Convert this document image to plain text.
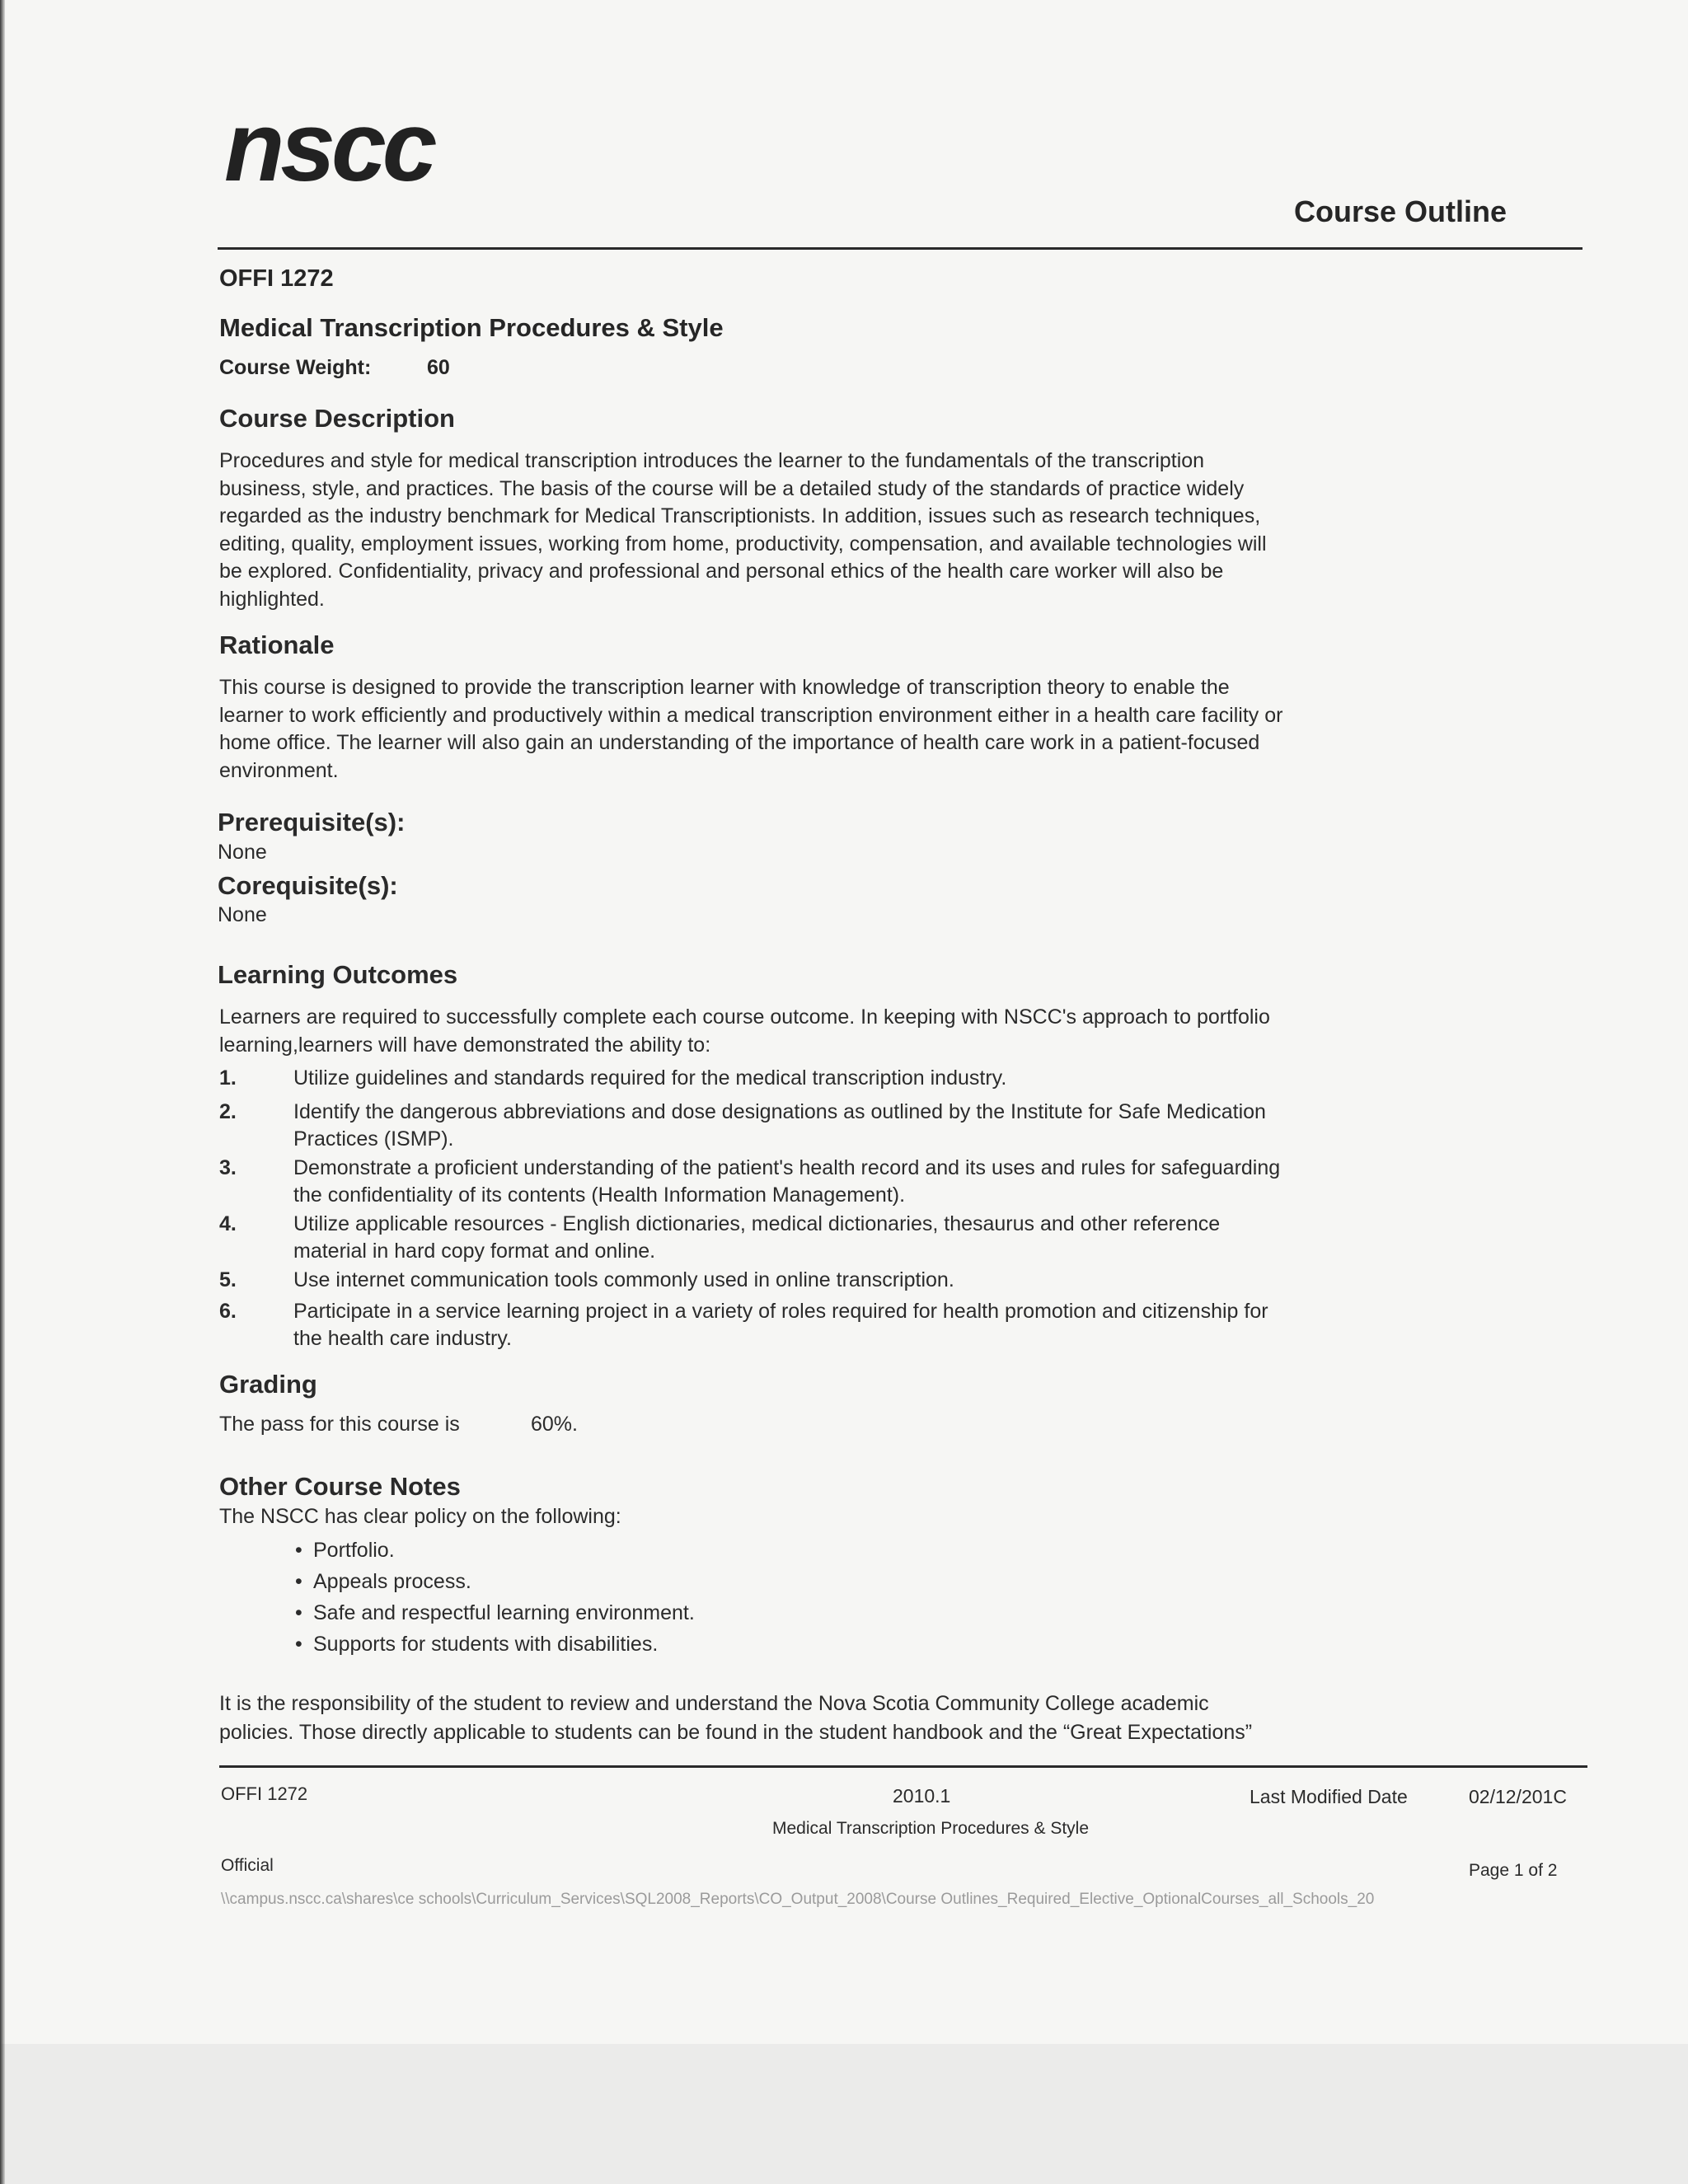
nscc
Course Outline
OFFI 1272
Medical Transcription Procedures & Style
Course Weight:	60
Course Description
Procedures and style for medical transcription introduces the learner to the fundamentals of the transcription
business, style, and practices. The basis of the course will be a detailed study of the standards of practice widely
regarded as the industry benchmark for Medical Transcriptionists. In addition, issues such as research techniques,
editing, quality, employment issues, working from home, productivity, compensation, and available technologies will
be explored. Confidentiality, privacy and professional and personal ethics of the health care worker will also be
highlighted.
Rationale
This course is designed to provide the transcription learner with knowledge of transcription theory to enable the
learner to work efficiently and productively within a medical transcription environment either in a health care facility or
home office. The learner will also gain an understanding of the importance of health care work in a patient-focused
environment.
Prerequisite(s):
None
Corequisite(s):
None
Learning Outcomes
Learners are required to successfully complete each course outcome. In keeping with NSCC's approach to portfolio
learning,learners will have demonstrated the ability to:
1.	Utilize guidelines and standards required for the medical transcription industry.
2.	Identify the dangerous abbreviations and dose designations as outlined by the Institute for Safe Medication
Practices (ISMP).
3.	Demonstrate a proficient understanding of the patient's health record and its uses and rules for safeguarding
the confidentiality of its contents (Health Information Management).
4.	Utilize applicable resources - English dictionaries, medical dictionaries, thesaurus and other reference
material in hard copy format and online.
5.	Use internet communication tools commonly used in online transcription.
6.	Participate in a service learning project in a variety of roles required for health promotion and citizenship for
the health care industry.
Grading
The pass for this course is	60%.
Other Course Notes
The NSCC has clear policy on the following:
• Portfolio.
• Appeals process.
• Safe and respectful learning environment.
• Supports for students with disabilities.
It is the responsibility of the student to review and understand the Nova Scotia Community College academic
policies. Those directly applicable to students can be found in the student handbook and the “Great Expectations”
OFFI 1272	2010.1
Medical Transcription Procedures & Style
Last Modified Date	02/12/201C
Official	Page 1 of 2
\\campus.nscc.ca\shares\ce schools\Curriculum_Services\SQL2008_Reports\CO_Output_2008\Course Outlines_Required_Elective_OptionalCourses_all_Schools_20
